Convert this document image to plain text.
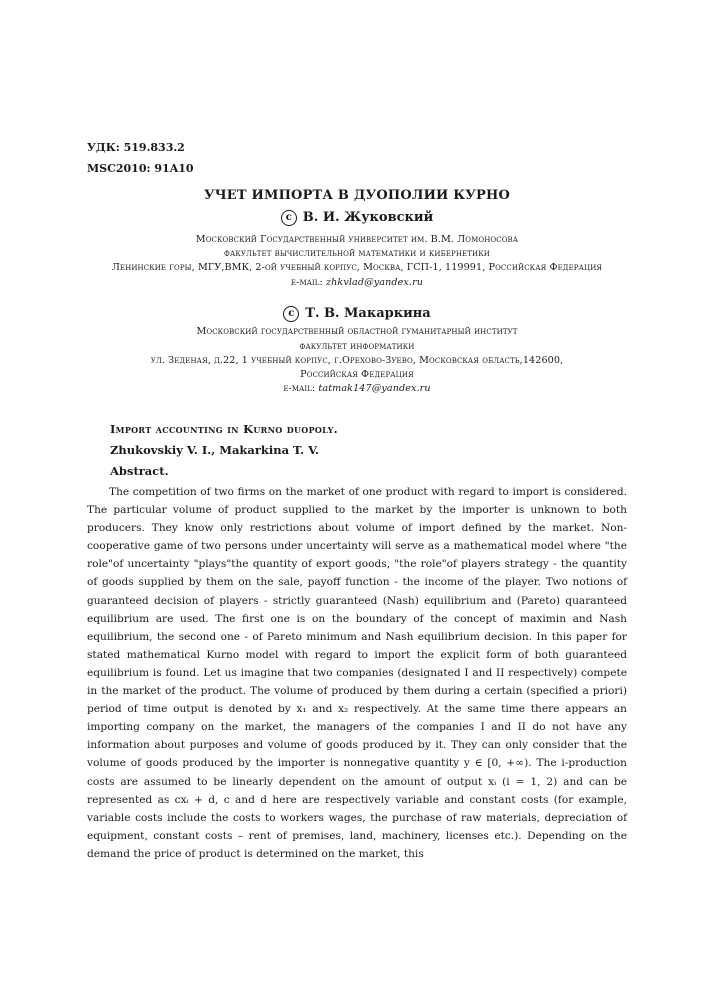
УДК: 519.833.2
MSC2010: 91A10
УЧЕТ ИМПОРТА В ДУОПОЛИИ КУРНО
c В. И. Жуковский
Московский Государственный университет им. В.М. Ломоносова
факультет вычислительной математики и кибернетики
Ленинские горы, МГУ,ВМК, 2-ой учебный корпус, Москва, ГСП-1, 119991, Российская Федерация
e-mail: zhkvlad@yandex.ru
c Т. В. Макаркина
Московский государственный областной гуманитарный институт
факультет информатики
ул. Зеденая, д.22, 1 учебный корпус, г.Орехово-Зуево, Московская область,142600,
Российская Федерация
e-mail: tatmak147@yandex.ru
Import accounting in Kurno duopoly.
Zhukovskiy V. I., Makarkina T. V.
Abstract.

The competition of two firms on the market of one product with regard to import is considered. The particular volume of product supplied to the market by the importer is unknown to both producers. They know only restrictions about volume of import defined by the market. Non-cooperative game of two persons under uncertainty will serve as a mathematical model where "the role"of uncertainty "plays"the quantity of export goods, "the role"of players strategy - the quantity of goods supplied by them on the sale, payoff function - the income of the player. Two notions of guaranteed decision of players - strictly guaranteed (Nash) equilibrium and (Pareto) quaranteed equilibrium are used. The first one is on the boundary of the concept of maximin and Nash equilibrium, the second one - of Pareto minimum and Nash equilibrium decision. In this paper for stated mathematical Kurno model with regard to import the explicit form of both guaranteed equilibrium is found. Let us imagine that two companies (designated I and II respectively) compete in the market of the product. The volume of produced by them during a certain (specified a priori) period of time output is denoted by x₁ and x₂ respectively. At the same time there appears an importing company on the market, the managers of the companies I and II do not have any information about purposes and volume of goods produced by it. They can only consider that the volume of goods produced by the importer is nonnegative quantity y ∈ [0, +∞). The i-production costs are assumed to be linearly dependent on the amount of output xᵢ (i = 1, 2) and can be represented as cxᵢ + d, c and d here are respectively variable and constant costs (for example, variable costs include the costs to workers wages, the purchase of raw materials, depreciation of equipment, constant costs – rent of premises, land, machinery, licenses etc.). Depending on the demand the price of product is determined on the market, this
